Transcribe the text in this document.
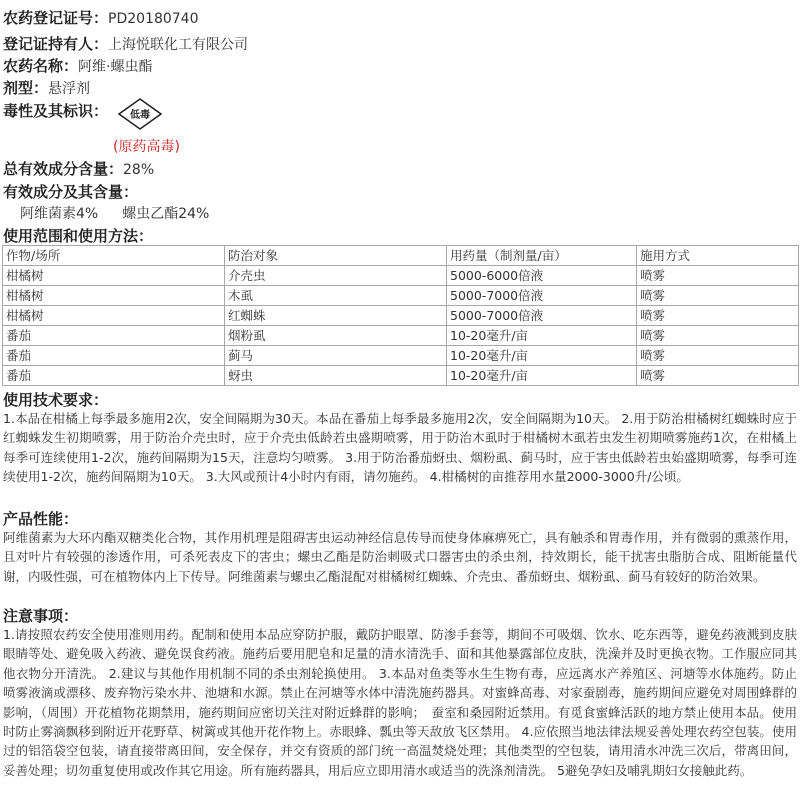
农药登记证号：PD20180740
登记证持有人：上海悦联化工有限公司
农药名称：阿维·螺虫酯
剂型：悬浮剂
毒性及其标识：	低毒
(原药高毒)
总有效成分含量：28%
有效成分及其含量：
阿维菌素4% 螺虫乙酯24%
使用范围和使用方法：
作物/场所	防治对象	用药量（制剂量/亩）	施用方式
柑橘树	介壳虫	5000-6000倍液	喷雾
柑橘树	木虱	5000-7000倍液	喷雾
柑橘树	红蜘蛛	5000-7000倍液	喷雾
番茄	烟粉虱	10-20毫升/亩	喷雾
番茄	蓟马	10-20毫升/亩	喷雾
番茄	蚜虫	10-20毫升/亩	喷雾
使用技术要求：
1.本品在柑橘上每季最多施用2次，安全间隔期为30天。本品在番茄上每季最多施用2次，安全间隔期为10天。 2.用于防治柑橘树红蜘蛛时应于红蜘蛛发生初期喷雾，用于防治介壳虫时，应于介壳虫低龄若虫盛期喷雾，用于防治木虱时于柑橘树木虱若虫发生初期喷雾施药1次，在柑橘上每季可连续使用1-2次，施药间隔期为15天，注意均匀喷雾。 3.用于防治番茄蚜虫、烟粉虱、蓟马时，应于害虫低龄若虫始盛期喷雾，每季可连续使用1-2次，施药间隔期为10天。 3.大风或预计4小时内有雨，请勿施药。 4.柑橘树的亩推荐用水量2000-3000升/公顷。
产品性能：
阿维菌素为大环内酯双糖类化合物，其作用机理是阻碍害虫运动神经信息传导而使身体麻痹死亡，具有触杀和胃毒作用，并有微弱的熏蒸作用，且对叶片有较强的渗透作用，可杀死表皮下的害虫；螺虫乙酯是防治刺吸式口器害虫的杀虫剂，持效期长，能干扰害虫脂肪合成、阻断能量代谢，内吸性强，可在植物体内上下传导。阿维菌素与螺虫乙酯混配对柑橘树红蜘蛛、介壳虫、番茄蚜虫、烟粉虱、蓟马有较好的防治效果。
注意事项：
1.请按照农药安全使用准则用药。配制和使用本品应穿防护服，戴防护眼罩、防渗手套等，期间不可吸烟、饮水、吃东西等，避免药液溅到皮肤眼睛等处、避免吸入药液、避免误食药液。施药后要用肥皂和足量的清水清洗手、面和其他暴露部位皮肤，洗澡并及时更换衣物。工作服应同其他衣物分开清洗。 2.建议与其他作用机制不同的杀虫剂轮换使用。 3.本品对鱼类等水生生物有毒，应远离水产养殖区、河塘等水体施药。防止喷雾液滴或漂移、废弃物污染水井、池塘和水源。禁止在河塘等水体中清洗施药器具。对蜜蜂高毒、对家蚕剧毒，施药期间应避免对周围蜂群的影响，（周围）开花植物花期禁用，施药期间应密切关注对附近蜂群的影响；　蚕室和桑园附近禁用。有觅食蜜蜂活跃的地方禁止使用本品。使用时防止雾滴飘移到附近开花野草、树篱或其他开花作物上。赤眼蜂、瓢虫等天敌放飞区禁用。 4.应依照当地法律法规妥善处理农药空包装。使用过的铝箔袋空包装，请直接带离田间，安全保存，并交有资质的部门统一高温焚烧处理；其他类型的空包装，请用清水冲洗三次后，带离田间，妥善处理；切勿重复使用或改作其它用途。所有施药器具，用后应立即用清水或适当的洗涤剂清洗。 5避免孕妇及哺乳期妇女接触此药。
